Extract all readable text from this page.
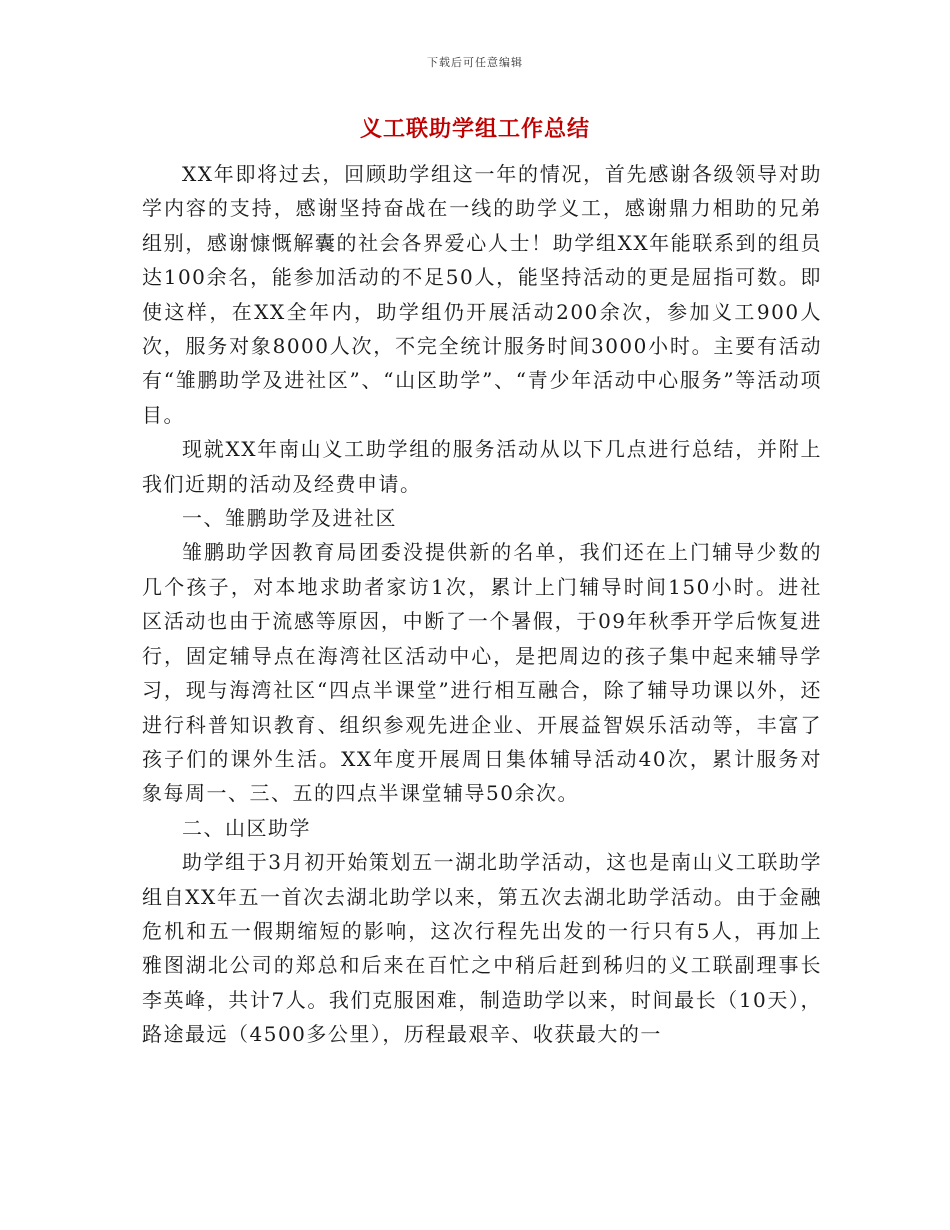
下载后可任意编辑
义工联助学组工作总结

XX年即将过去，回顾助学组这一年的情况，首先感谢各级领导对助学内容的支持，感谢坚持奋战在一线的助学义工，感谢鼎力相助的兄弟组别，感谢慷慨解囊的社会各界爱心人士！助学组XX年能联系到的组员达100余名，能参加活动的不足50人，能坚持活动的更是屈指可数。即使这样，在XX全年内，助学组仍开展活动200余次，参加义工900人次，服务对象8000人次，不完全统计服务时间3000小时。主要有活动有“雏鹏助学及进社区”、“山区助学”、“青少年活动中心服务”等活动项目。

现就XX年南山义工助学组的服务活动从以下几点进行总结，并附上我们近期的活动及经费申请。

一、雏鹏助学及进社区

雏鹏助学因教育局团委没提供新的名单，我们还在上门辅导少数的几个孩子，对本地求助者家访1次，累计上门辅导时间150小时。进社区活动也由于流感等原因，中断了一个暑假，于09年秋季开学后恢复进行，固定辅导点在海湾社区活动中心，是把周边的孩子集中起来辅导学习，现与海湾社区“四点半课堂”进行相互融合，除了辅导功课以外，还进行科普知识教育、组织参观先进企业、开展益智娱乐活动等，丰富了孩子们的课外生活。XX年度开展周日集体辅导活动40次，累计服务对象每周一、三、五的四点半课堂辅导50余次。

二、山区助学

助学组于3月初开始策划五一湖北助学活动，这也是南山义工联助学组自XX年五一首次去湖北助学以来，第五次去湖北助学活动。由于金融危机和五一假期缩短的影响，这次行程先出发的一行只有5人，再加上雅图湖北公司的郑总和后来在百忙之中稍后赶到秭归的义工联副理事长李英峰，共计7人。我们克服困难，制造助学以来，时间最长（10天），路途最远（4500多公里），历程最艰辛、收获最大的一
